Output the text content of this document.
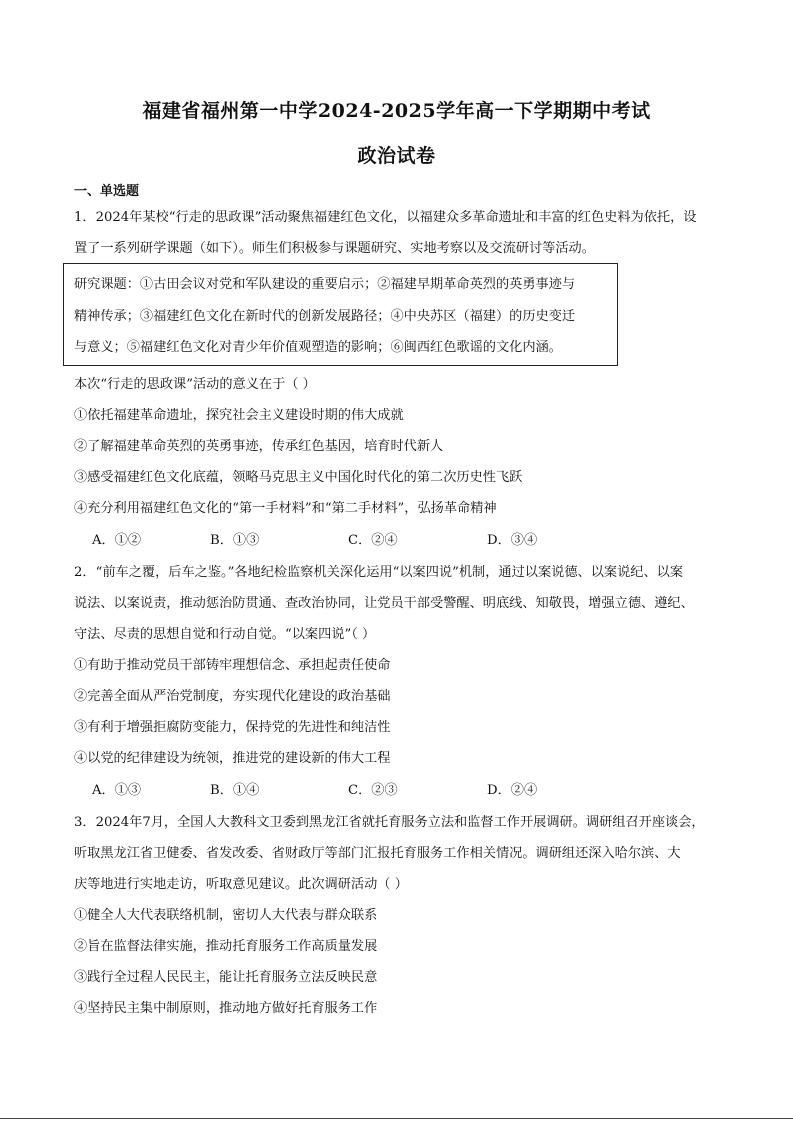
福建省福州第一中学2024-2025学年高一下学期期中考试
政治试卷
一、单选题
1．2024年某校“行走的思政课”活动聚焦福建红色文化，以福建众多革命遗址和丰富的红色史料为依托，设
置了一系列研学课题（如下）。师生们积极参与课题研究、实地考察以及交流研讨等活动。
研究课题：①古田会议对党和军队建设的重要启示；②福建早期革命英烈的英勇事迹与
精神传承；③福建红色文化在新时代的创新发展路径；④中央苏区（福建）的历史变迁
与意义；⑤福建红色文化对青少年价值观塑造的影响；⑥闽西红色歌谣的文化内涵。
本次“行走的思政课”活动的意义在于（ ）
①依托福建革命遗址，探究社会主义建设时期的伟大成就
②了解福建革命英烈的英勇事迹，传承红色基因，培育时代新人
③感受福建红色文化底蕴，领略马克思主义中国化时代化的第二次历史性飞跃
④充分利用福建红色文化的“第一手材料”和“第二手材料”，弘扬革命精神
A．①②	B．①③	C．②④	D．③④
2．“前车之覆，后车之鉴。”各地纪检监察机关深化运用“以案四说”机制，通过以案说德、以案说纪、以案
说法、以案说责，推动惩治防贯通、查改治协同，让党员干部受警醒、明底线、知敬畏，增强立德、遵纪、
守法、尽责的思想自觉和行动自觉。“以案四说”（ ）
①有助于推动党员干部铸牢理想信念、承担起责任使命
②完善全面从严治党制度，夯实现代化建设的政治基础
③有利于增强拒腐防变能力，保持党的先进性和纯洁性
④以党的纪律建设为统领，推进党的建设新的伟大工程
A．①③	B．①④	C．②③	D．②④
3．2024年7月，全国人大教科文卫委到黑龙江省就托育服务立法和监督工作开展调研。调研组召开座谈会，
听取黑龙江省卫健委、省发改委、省财政厅等部门汇报托育服务工作相关情况。调研组还深入哈尔滨、大
庆等地进行实地走访，听取意见建议。此次调研活动（ ）
①健全人大代表联络机制，密切人大代表与群众联系
②旨在监督法律实施，推动托育服务工作高质量发展
③践行全过程人民民主，能让托育服务立法反映民意
④坚持民主集中制原则，推动地方做好托育服务工作
